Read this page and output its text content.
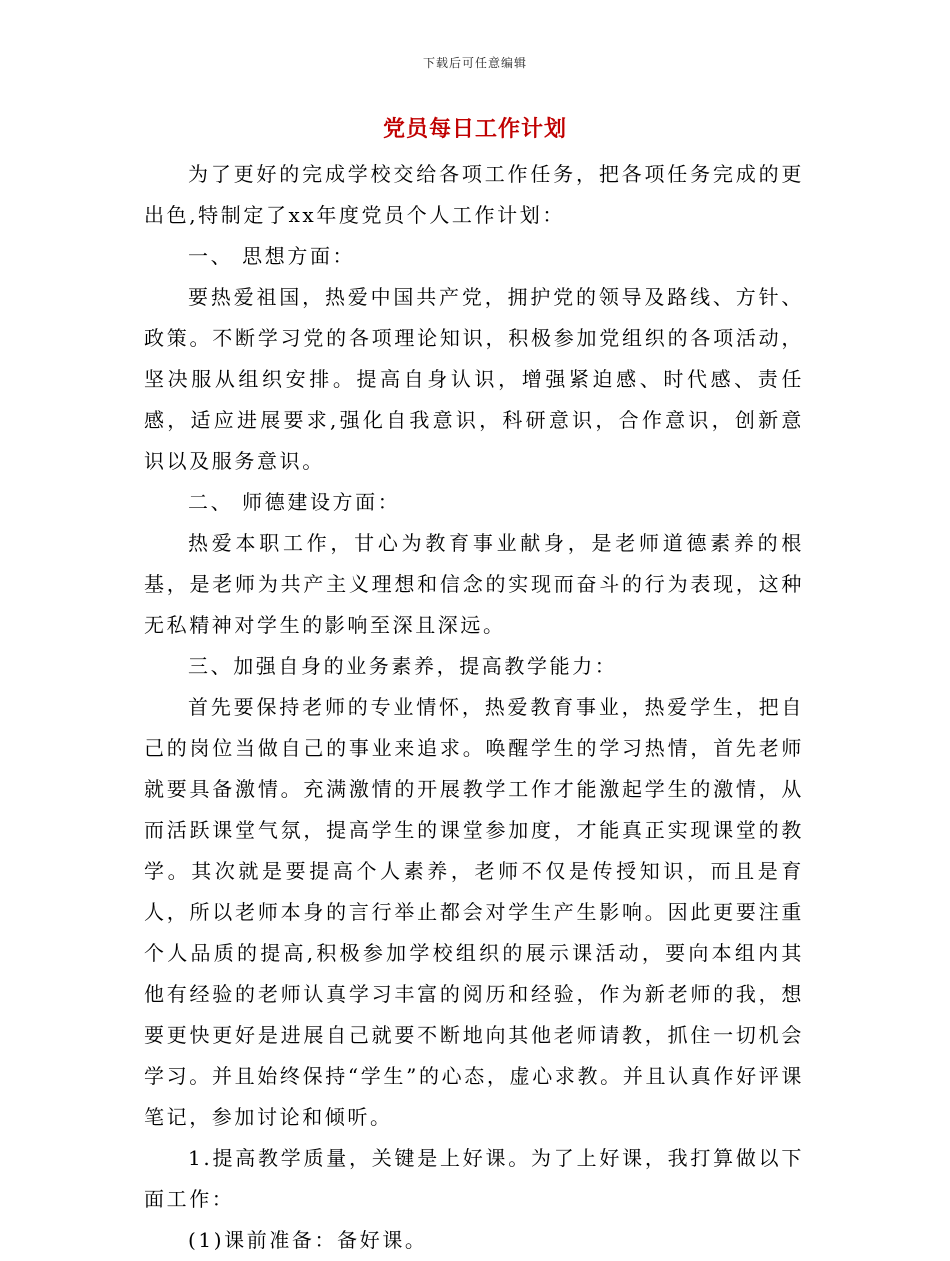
下载后可任意编辑
党员每日工作计划

为了更好的完成学校交给各项工作任务，把各项任务完成的更出色,特制定了xx年度党员个人工作计划：

一、 思想方面：

要热爱祖国，热爱中国共产党，拥护党的领导及路线、方针、政策。不断学习党的各项理论知识，积极参加党组织的各项活动，坚决服从组织安排。提高自身认识，增强紧迫感、时代感、责任感，适应进展要求,强化自我意识，科研意识，合作意识，创新意识以及服务意识。

二、 师德建设方面：

热爱本职工作，甘心为教育事业献身，是老师道德素养的根基，是老师为共产主义理想和信念的实现而奋斗的行为表现，这种无私精神对学生的影响至深且深远。

三、加强自身的业务素养，提高教学能力：

首先要保持老师的专业情怀，热爱教育事业，热爱学生，把自己的岗位当做自己的事业来追求。唤醒学生的学习热情，首先老师就要具备激情。充满激情的开展教学工作才能激起学生的激情，从而活跃课堂气氛，提高学生的课堂参加度，才能真正实现课堂的教学。其次就是要提高个人素养，老师不仅是传授知识，而且是育人，所以老师本身的言行举止都会对学生产生影响。因此更要注重个人品质的提高,积极参加学校组织的展示课活动，要向本组内其他有经验的老师认真学习丰富的阅历和经验，作为新老师的我，想要更快更好是进展自己就要不断地向其他老师请教，抓住一切机会学习。并且始终保持“学生”的心态，虚心求教。并且认真作好评课笔记，参加讨论和倾听。

1.提高教学质量，关键是上好课。为了上好课，我打算做以下面工作：

(1)课前准备：备好课。
